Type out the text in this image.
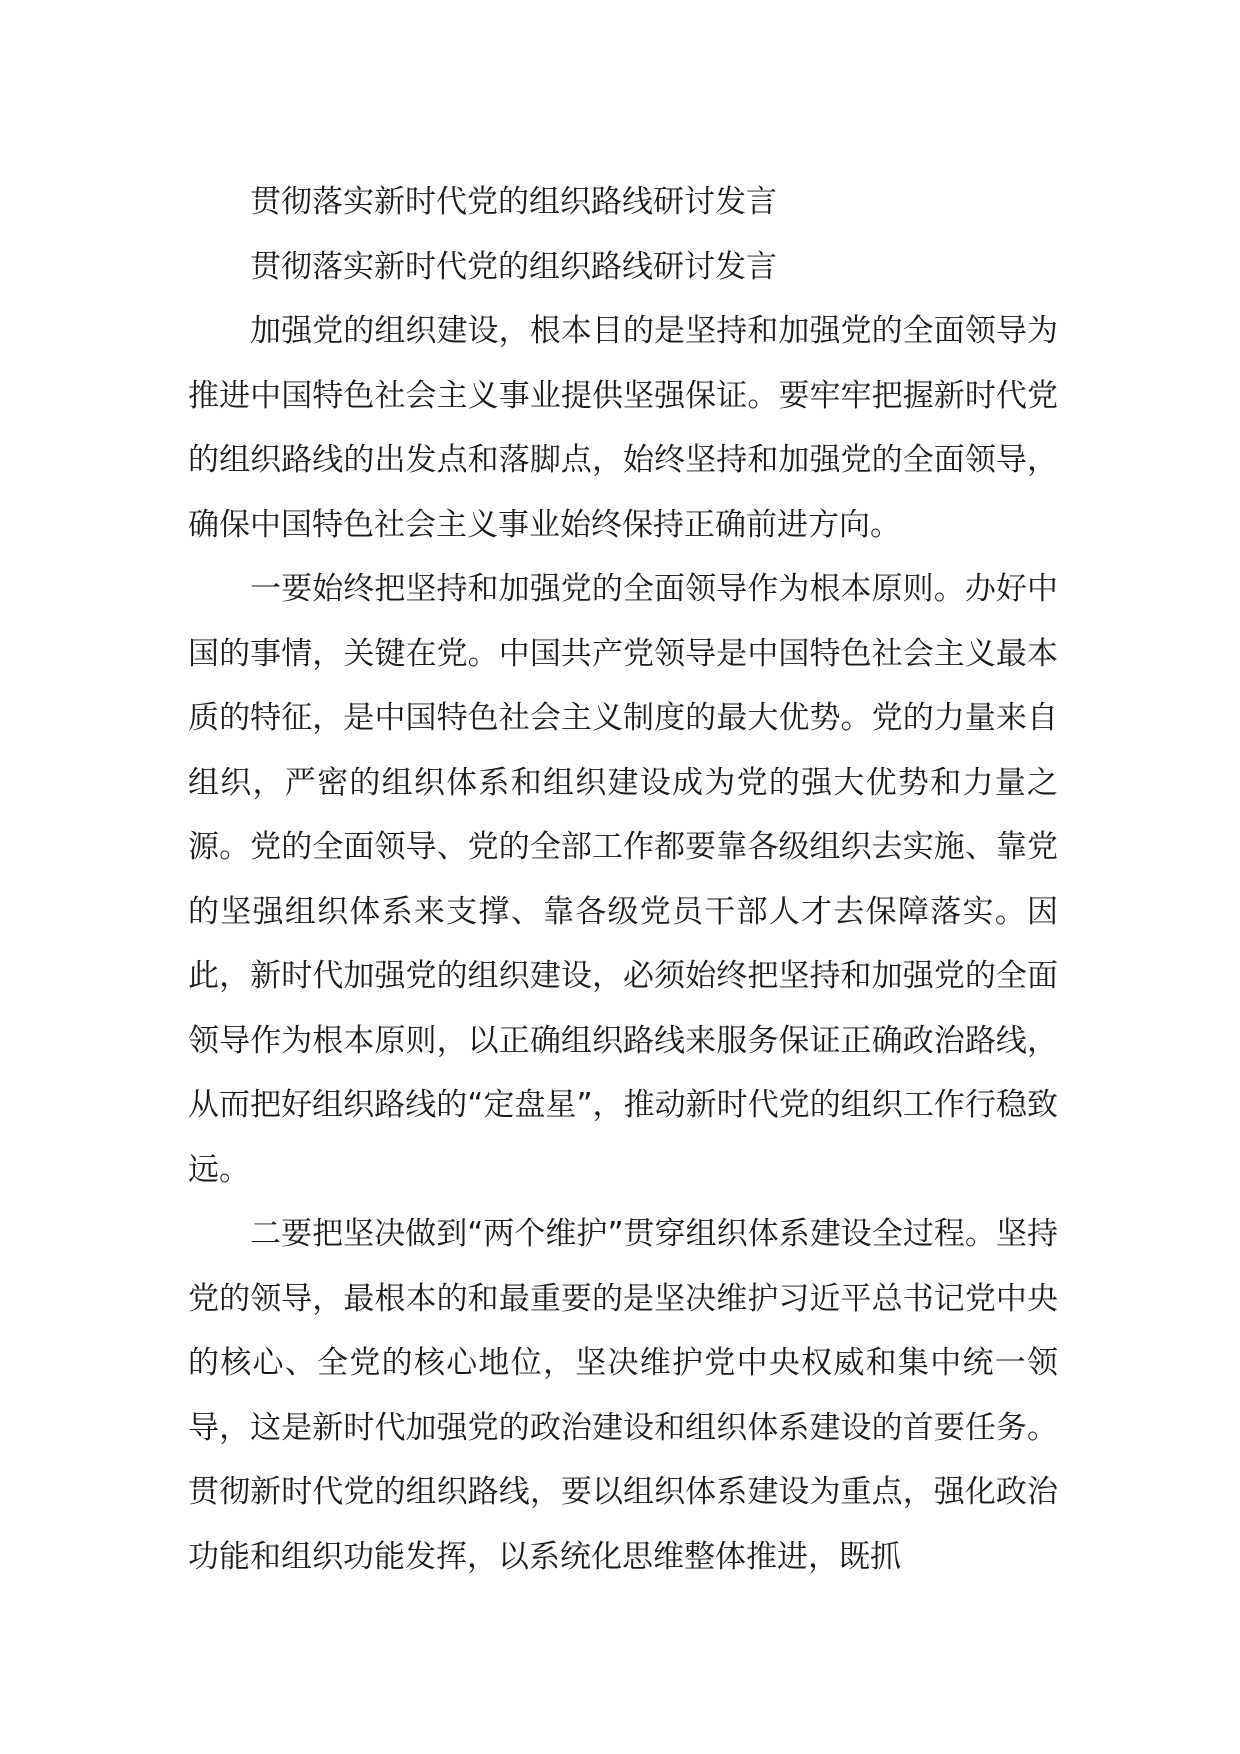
贯彻落实新时代党的组织路线研讨发言

贯彻落实新时代党的组织路线研讨发言

加强党的组织建设，根本目的是坚持和加强党的全面领导为推进中国特色社会主义事业提供坚强保证。要牢牢把握新时代党的组织路线的出发点和落脚点，始终坚持和加强党的全面领导，确保中国特色社会主义事业始终保持正确前进方向。

一要始终把坚持和加强党的全面领导作为根本原则。办好中国的事情，关键在党。中国共产党领导是中国特色社会主义最本质的特征，是中国特色社会主义制度的最大优势。党的力量来自组织，严密的组织体系和组织建设成为党的强大优势和力量之源。党的全面领导、党的全部工作都要靠各级组织去实施、靠党的坚强组织体系来支撑、靠各级党员干部人才去保障落实。因此，新时代加强党的组织建设，必须始终把坚持和加强党的全面领导作为根本原则，以正确组织路线来服务保证正确政治路线，从而把好组织路线的“定盘星”，推动新时代党的组织工作行稳致远。

二要把坚决做到“两个维护”贯穿组织体系建设全过程。坚持党的领导，最根本的和最重要的是坚决维护习近平总书记党中央的核心、全党的核心地位，坚决维护党中央权威和集中统一领导，这是新时代加强党的政治建设和组织体系建设的首要任务。贯彻新时代党的组织路线，要以组织体系建设为重点，强化政治功能和组织功能发挥，以系统化思维整体推进，既抓
